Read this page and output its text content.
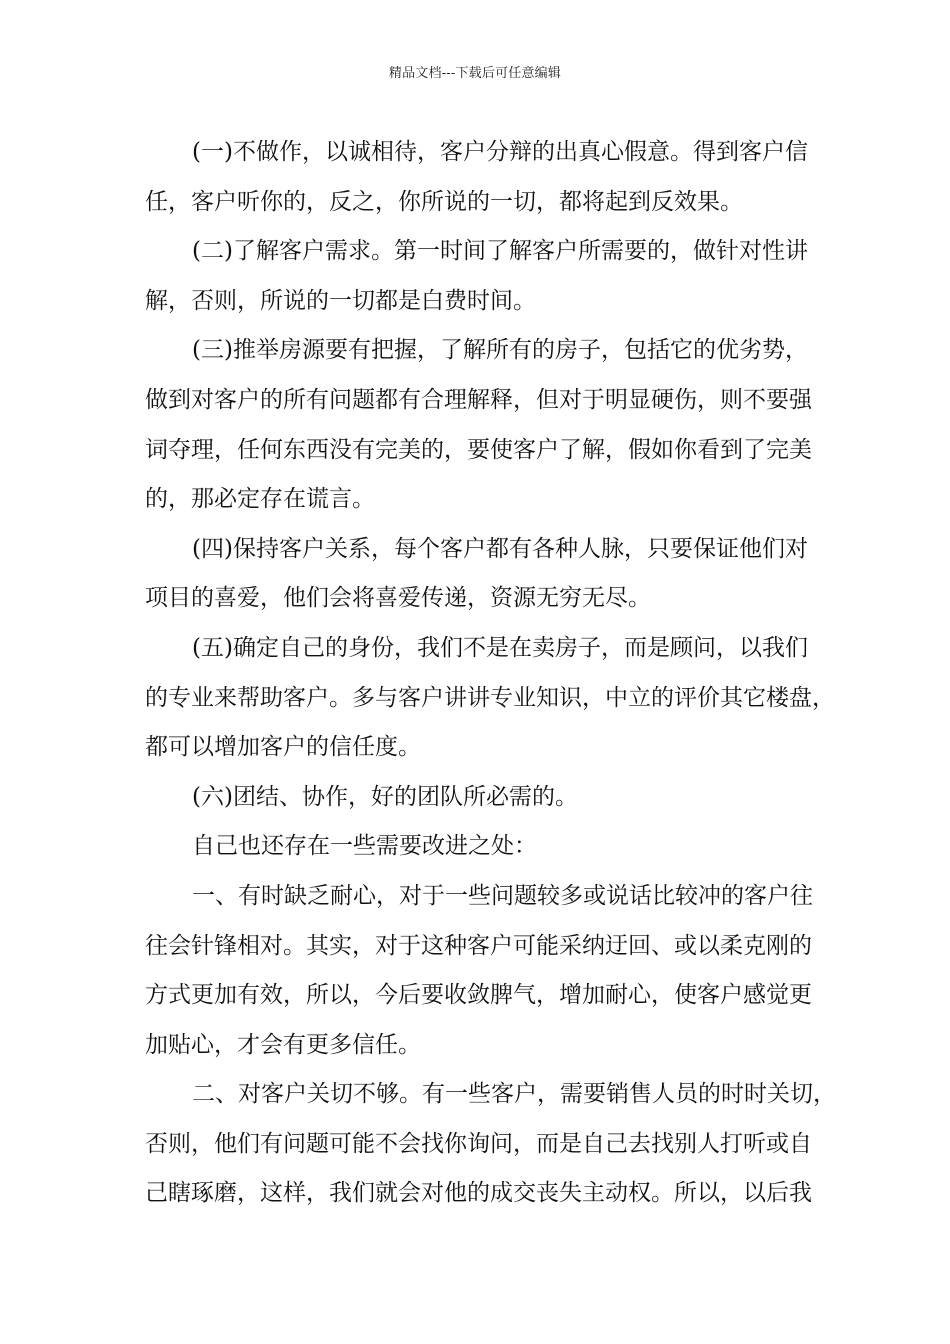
精品文档---下载后可任意编辑
(一)不做作，以诚相待，客户分辩的出真心假意。得到客户信
任，客户听你的，反之，你所说的一切，都将起到反效果。
(二)了解客户需求。第一时间了解客户所需要的，做针对性讲
解，否则，所说的一切都是白费时间。
(三)推举房源要有把握，了解所有的房子，包括它的优劣势，
做到对客户的所有问题都有合理解释，但对于明显硬伤，则不要强
词夺理，任何东西没有完美的，要使客户了解，假如你看到了完美
的，那必定存在谎言。
(四)保持客户关系，每个客户都有各种人脉，只要保证他们对
项目的喜爱，他们会将喜爱传递，资源无穷无尽。
(五)确定自己的身份，我们不是在卖房子，而是顾问，以我们
的专业来帮助客户。多与客户讲讲专业知识，中立的评价其它楼盘，
都可以增加客户的信任度。
(六)团结、协作，好的团队所必需的。
自己也还存在一些需要改进之处：
一、有时缺乏耐心，对于一些问题较多或说话比较冲的客户往
往会针锋相对。其实，对于这种客户可能采纳迂回、或以柔克刚的
方式更加有效，所以，今后要收敛脾气，增加耐心，使客户感觉更
加贴心，才会有更多信任。
二、对客户关切不够。有一些客户，需要销售人员的时时关切，
否则，他们有问题可能不会找你询问，而是自己去找别人打听或自
己瞎琢磨，这样，我们就会对他的成交丧失主动权。所以，以后我
